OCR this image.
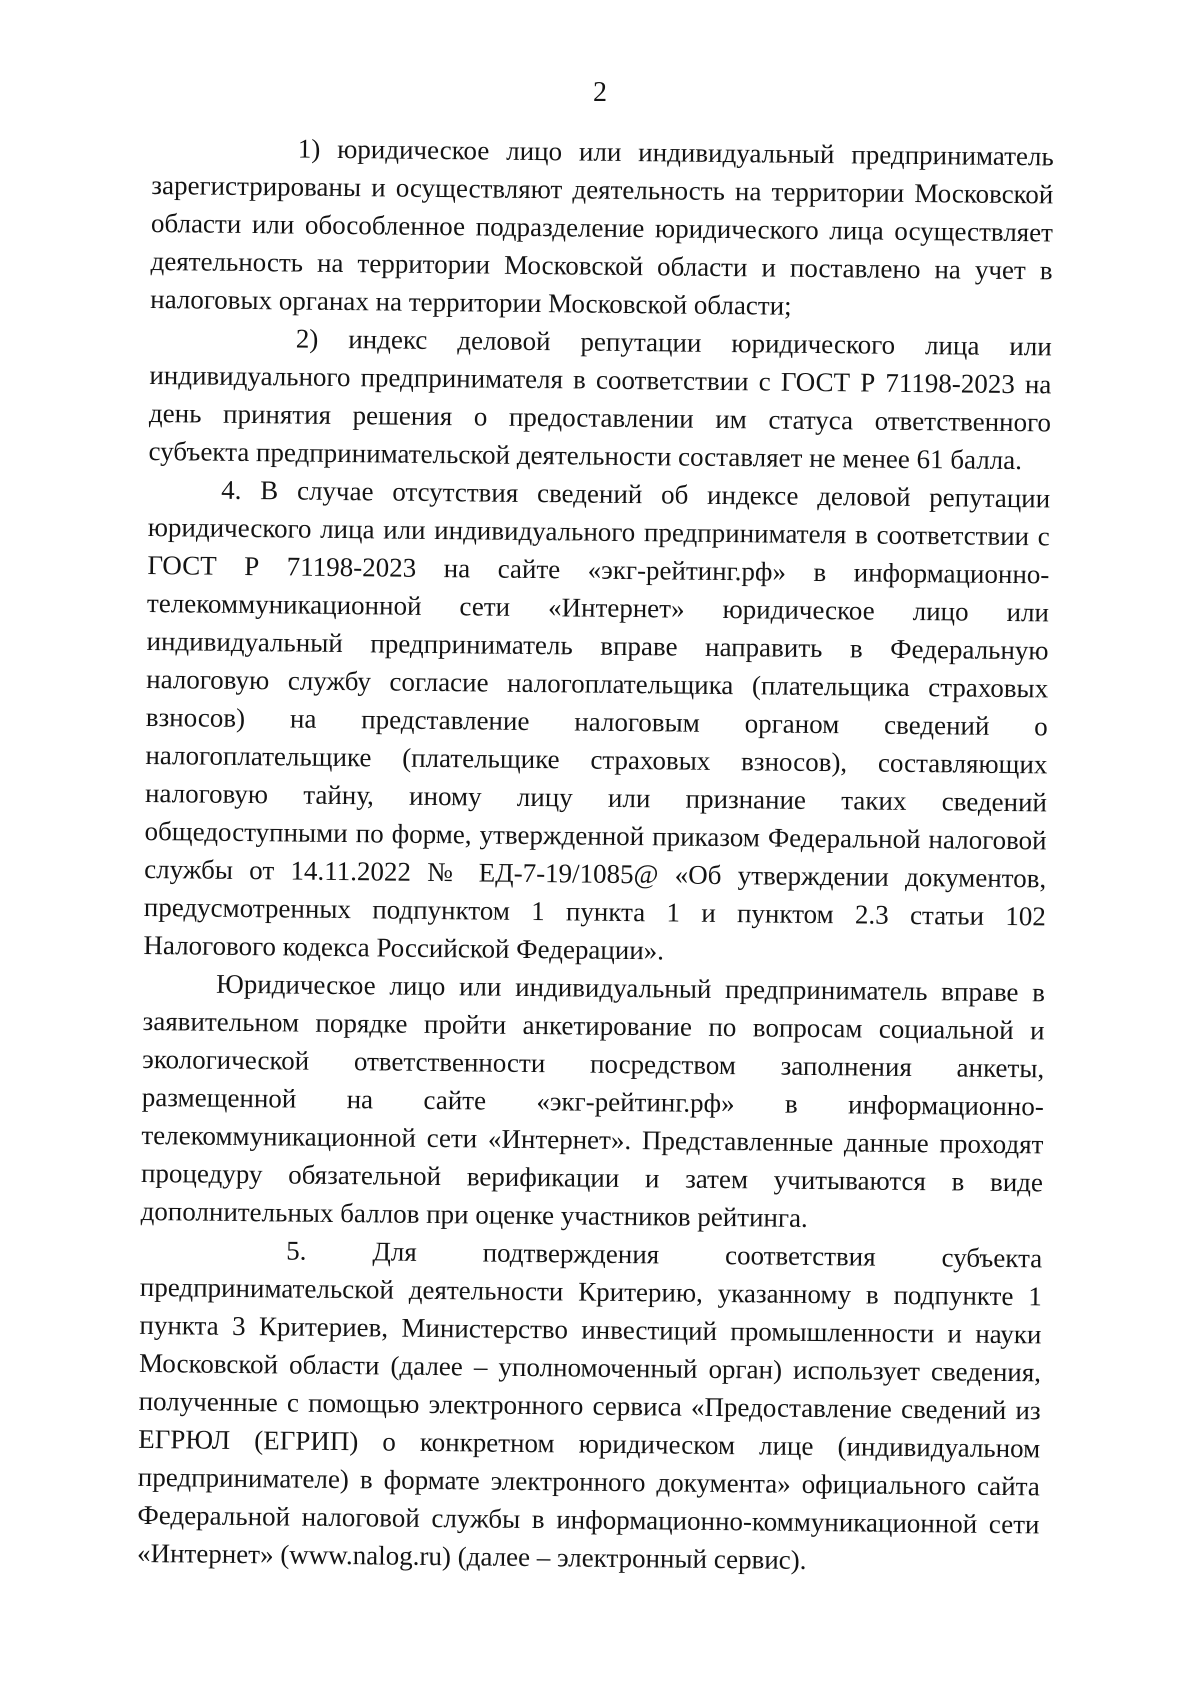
2

1) юридическое лицо или индивидуальный предприниматель зарегистрированы и осуществляют деятельность на территории Московской области или обособленное подразделение юридического лица осуществляет деятельность на территории Московской области и поставлено на учет в налоговых органах на территории Московской области;

2) индекс деловой репутации юридического лица или индивидуального предпринимателя в соответствии с ГОСТ Р 71198-2023 на день принятия решения о предоставлении им статуса ответственного субъекта предпринимательской деятельности составляет не менее 61 балла.

4. В случае отсутствия сведений об индексе деловой репутации юридического лица или индивидуального предпринимателя в соответствии с ГОСТ Р 71198-2023 на сайте «экг-рейтинг.рф» в информационно-телекоммуникационной сети «Интернет» юридическое лицо или индивидуальный предприниматель вправе направить в Федеральную налоговую службу согласие налогоплательщика (плательщика страховых взносов) на представление налоговым органом сведений о налогоплательщике (плательщике страховых взносов), составляющих налоговую тайну, иному лицу или признание таких сведений общедоступными по форме, утвержденной приказом Федеральной налоговой службы от 14.11.2022 № ЕД-7-19/1085@ «Об утверждении документов, предусмотренных подпунктом 1 пункта 1 и пунктом 2.3 статьи 102 Налогового кодекса Российской Федерации».

Юридическое лицо или индивидуальный предприниматель вправе в заявительном порядке пройти анкетирование по вопросам социальной и экологической ответственности посредством заполнения анкеты, размещенной на сайте «экг-рейтинг.рф» в информационно-телекоммуникационной сети «Интернет». Представленные данные проходят процедуру обязательной верификации и затем учитываются в виде дополнительных баллов при оценке участников рейтинга.

5. Для подтверждения соответствия субъекта предпринимательской деятельности Критерию, указанному в подпункте 1 пункта 3 Критериев, Министерство инвестиций промышленности и науки Московской области (далее – уполномоченный орган) использует сведения, полученные с помощью электронного сервиса «Предоставление сведений из ЕГРЮЛ (ЕГРИП) о конкретном юридическом лице (индивидуальном предпринимателе) в формате электронного документа» официального сайта Федеральной налоговой службы в информационно-коммуникационной сети «Интернет» (www.nalog.ru) (далее – электронный сервис).
